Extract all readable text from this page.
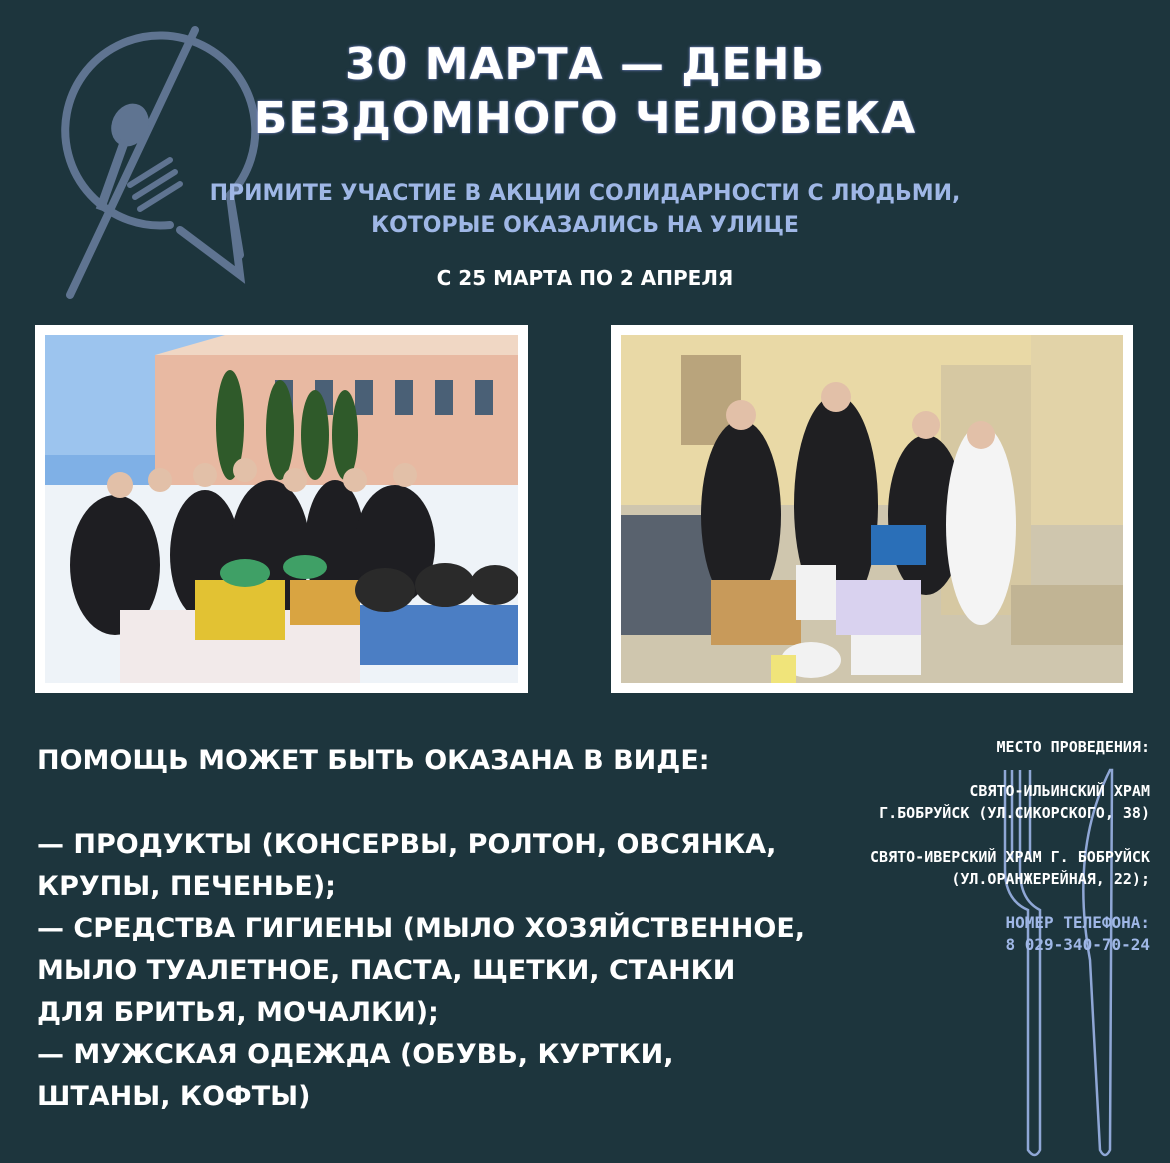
30 МАРТА — ДЕНЬ
БЕЗДОМНОГО ЧЕЛОВЕКА
ПРИМИТЕ УЧАСТИЕ В АКЦИИ СОЛИДАРНОСТИ С ЛЮДЬМИ,
КОТОРЫЕ ОКАЗАЛИСЬ НА УЛИЦЕ
С 25 МАРТА ПО 2 АПРЕЛЯ
ПОМОЩЬ МОЖЕТ БЫТЬ ОКАЗАНА В ВИДЕ:
— ПРОДУКТЫ (КОНСЕРВЫ, РОЛТОН, ОВСЯНКА, КРУПЫ, ПЕЧЕНЬЕ);
— СРЕДСТВА ГИГИЕНЫ (МЫЛО ХОЗЯЙСТВЕННОЕ, МЫЛО ТУАЛЕТНОЕ, ПАСТА, ЩЕТКИ, СТАНКИ ДЛЯ БРИТЬЯ, МОЧАЛКИ);
— МУЖСКАЯ ОДЕЖДА (ОБУВЬ, КУРТКИ, ШТАНЫ, КОФТЫ)
МЕСТО ПРОВЕДЕНИЯ:
СВЯТО-ИЛЬИНСКИЙ ХРАМ
Г.БОБРУЙСК (УЛ.СИКОРСКОГО, 38)
СВЯТО-ИВЕРСКИЙ ХРАМ Г. БОБРУЙСК
(УЛ.ОРАНЖЕРЕЙНАЯ, 22);
НОМЕР ТЕЛЕФОНА:
8 029-340-70-24
